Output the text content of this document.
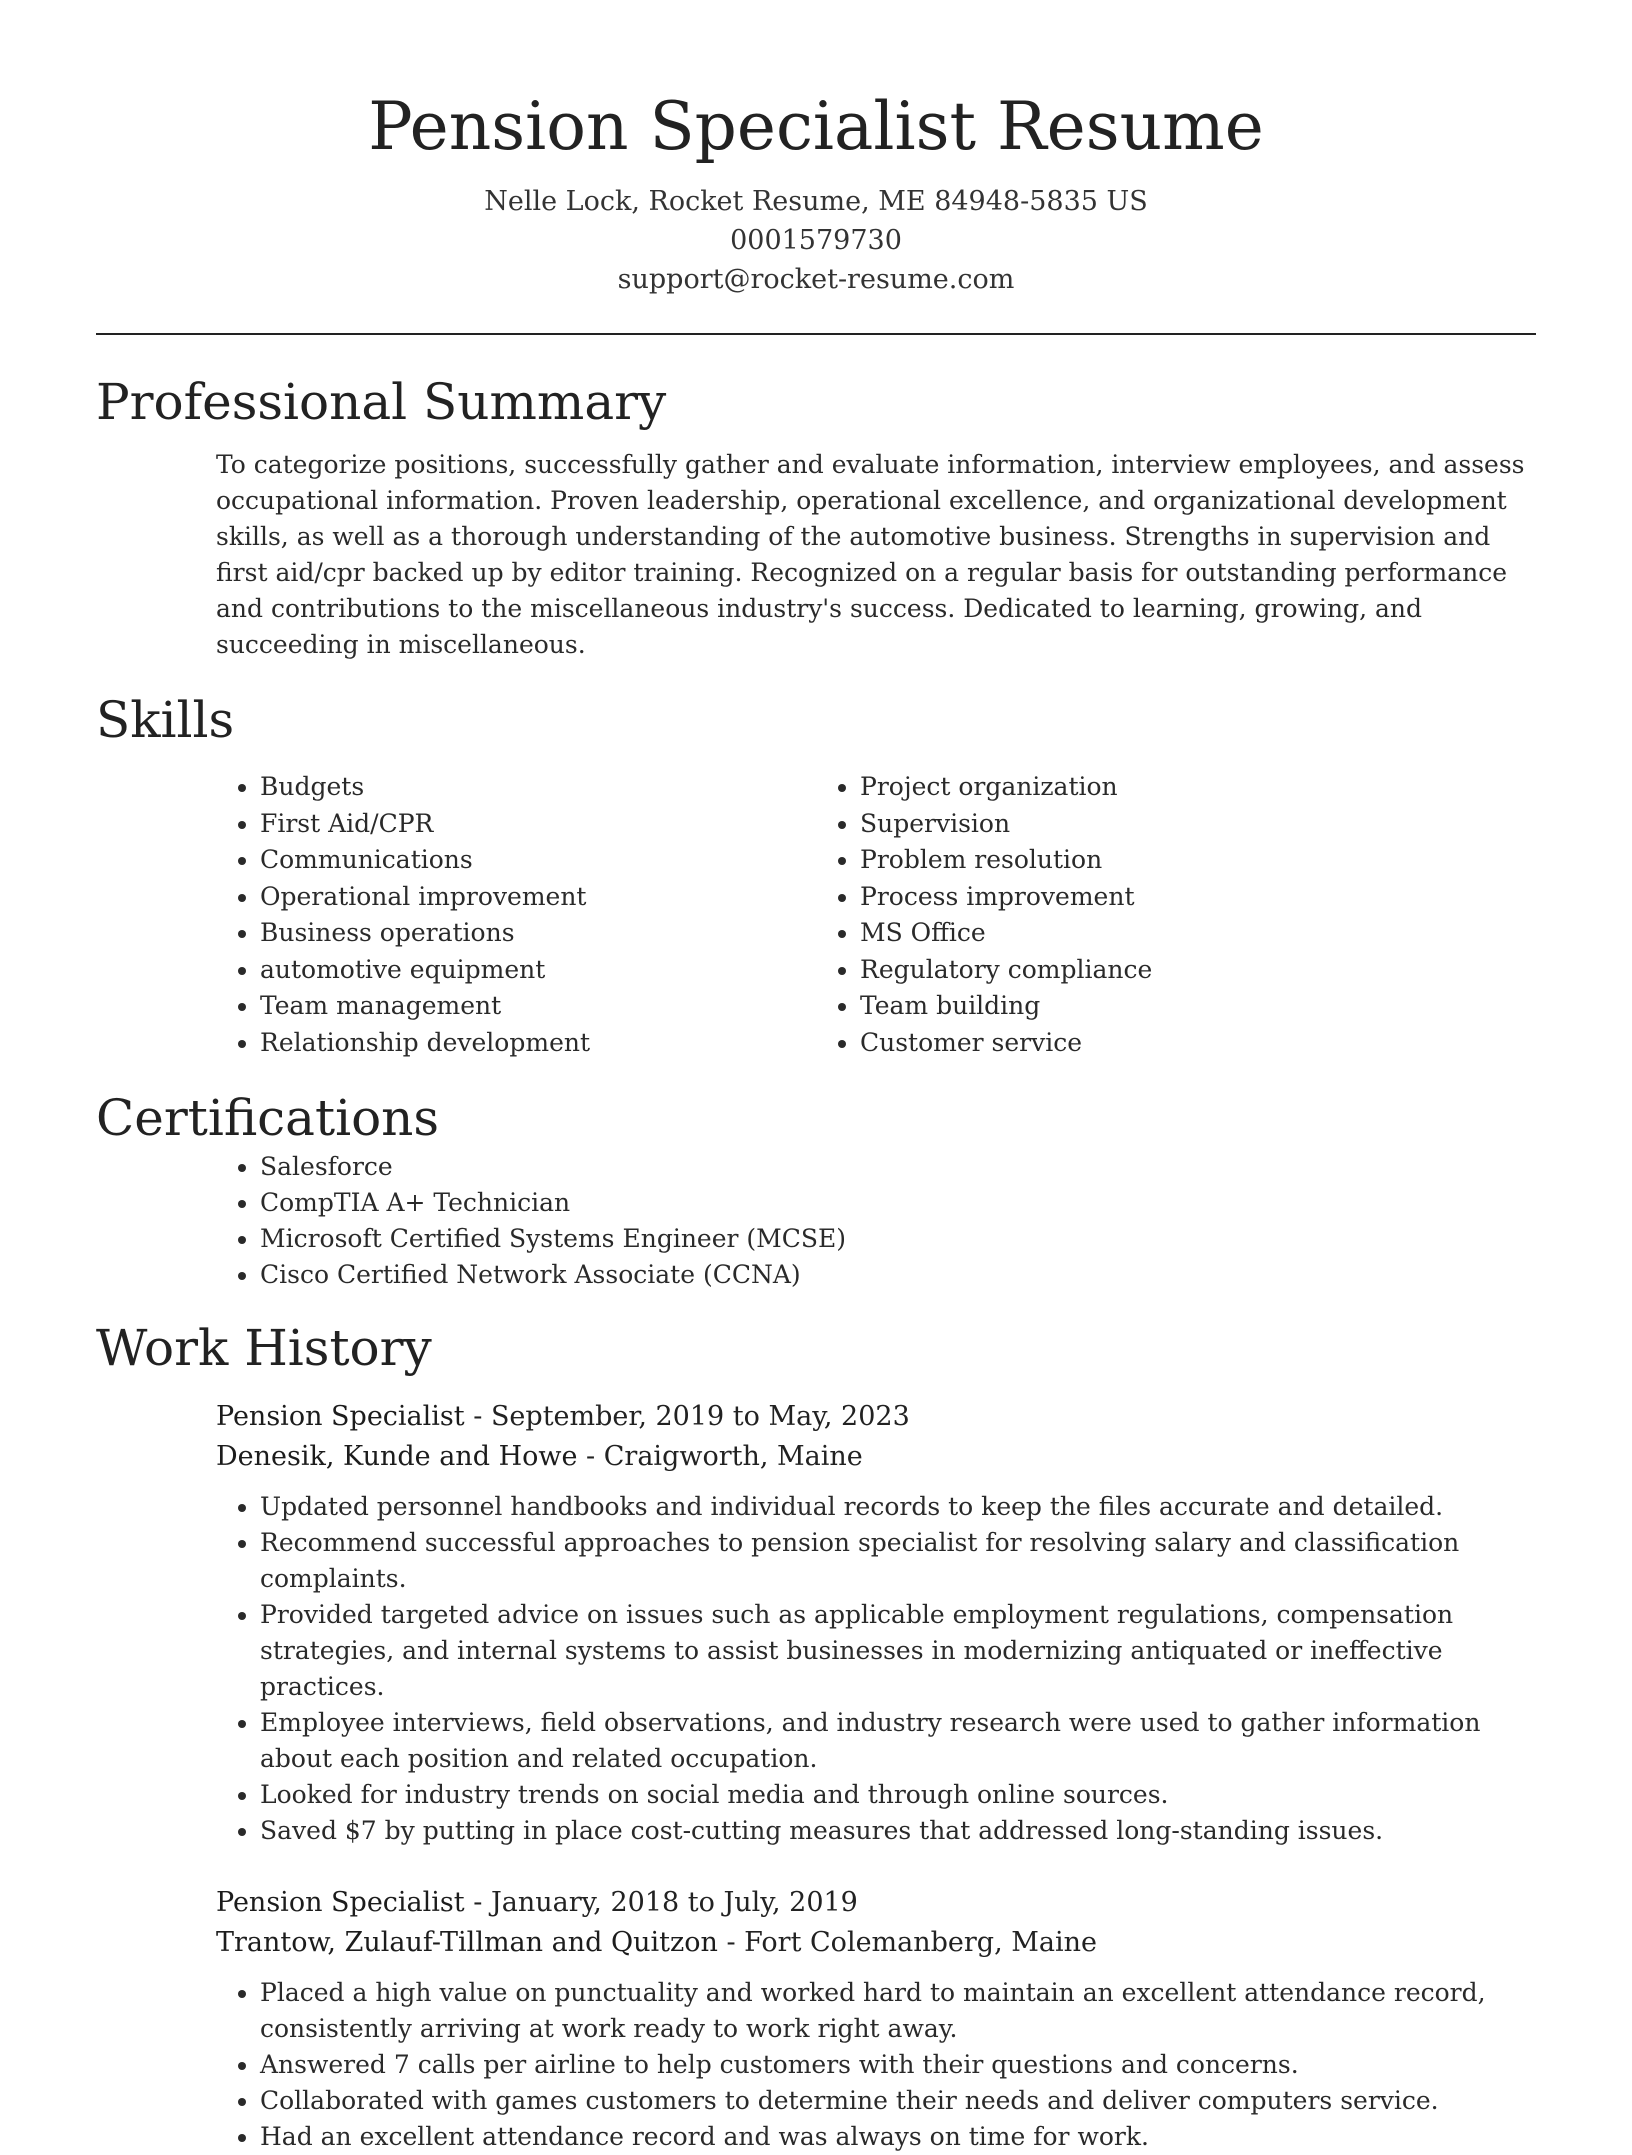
Pension Specialist Resume
Nelle Lock, Rocket Resume, ME 84948-5835 US
0001579730
support@rocket-resume.com
Professional Summary

To categorize positions, successfully gather and evaluate information, interview employees, and assess occupational information. Proven leadership, operational excellence, and organizational development skills, as well as a thorough understanding of the automotive business. Strengths in supervision and first aid/cpr backed up by editor training. Recognized on a regular basis for outstanding performance and contributions to the miscellaneous industry's success. Dedicated to learning, growing, and succeeding in miscellaneous.

Skills
• Budgets
• First Aid/CPR
• Communications
• Operational improvement
• Business operations
• automotive equipment
• Team management
• Relationship development
• Project organization
• Supervision
• Problem resolution
• Process improvement
• MS Office
• Regulatory compliance
• Team building
• Customer service
Certifications
• Salesforce
• CompTIA A+ Technician
• Microsoft Certified Systems Engineer (MCSE)
• Cisco Certified Network Associate (CCNA)
Work History
Pension Specialist - September, 2019 to May, 2023
Denesik, Kunde and Howe - Craigworth, Maine
• Updated personnel handbooks and individual records to keep the files accurate and detailed.
• Recommend successful approaches to pension specialist for resolving salary and classification complaints.
• Provided targeted advice on issues such as applicable employment regulations, compensation strategies, and internal systems to assist businesses in modernizing antiquated or ineffective practices.
• Employee interviews, field observations, and industry research were used to gather information about each position and related occupation.
• Looked for industry trends on social media and through online sources.
• Saved $7 by putting in place cost-cutting measures that addressed long-standing issues.
Pension Specialist - January, 2018 to July, 2019
Trantow, Zulauf-Tillman and Quitzon - Fort Colemanberg, Maine
• Placed a high value on punctuality and worked hard to maintain an excellent attendance record, consistently arriving at work ready to work right away.
• Answered 7 calls per airline to help customers with their questions and concerns.
• Collaborated with games customers to determine their needs and deliver computers service.
• Had an excellent attendance record and was always on time for work.
